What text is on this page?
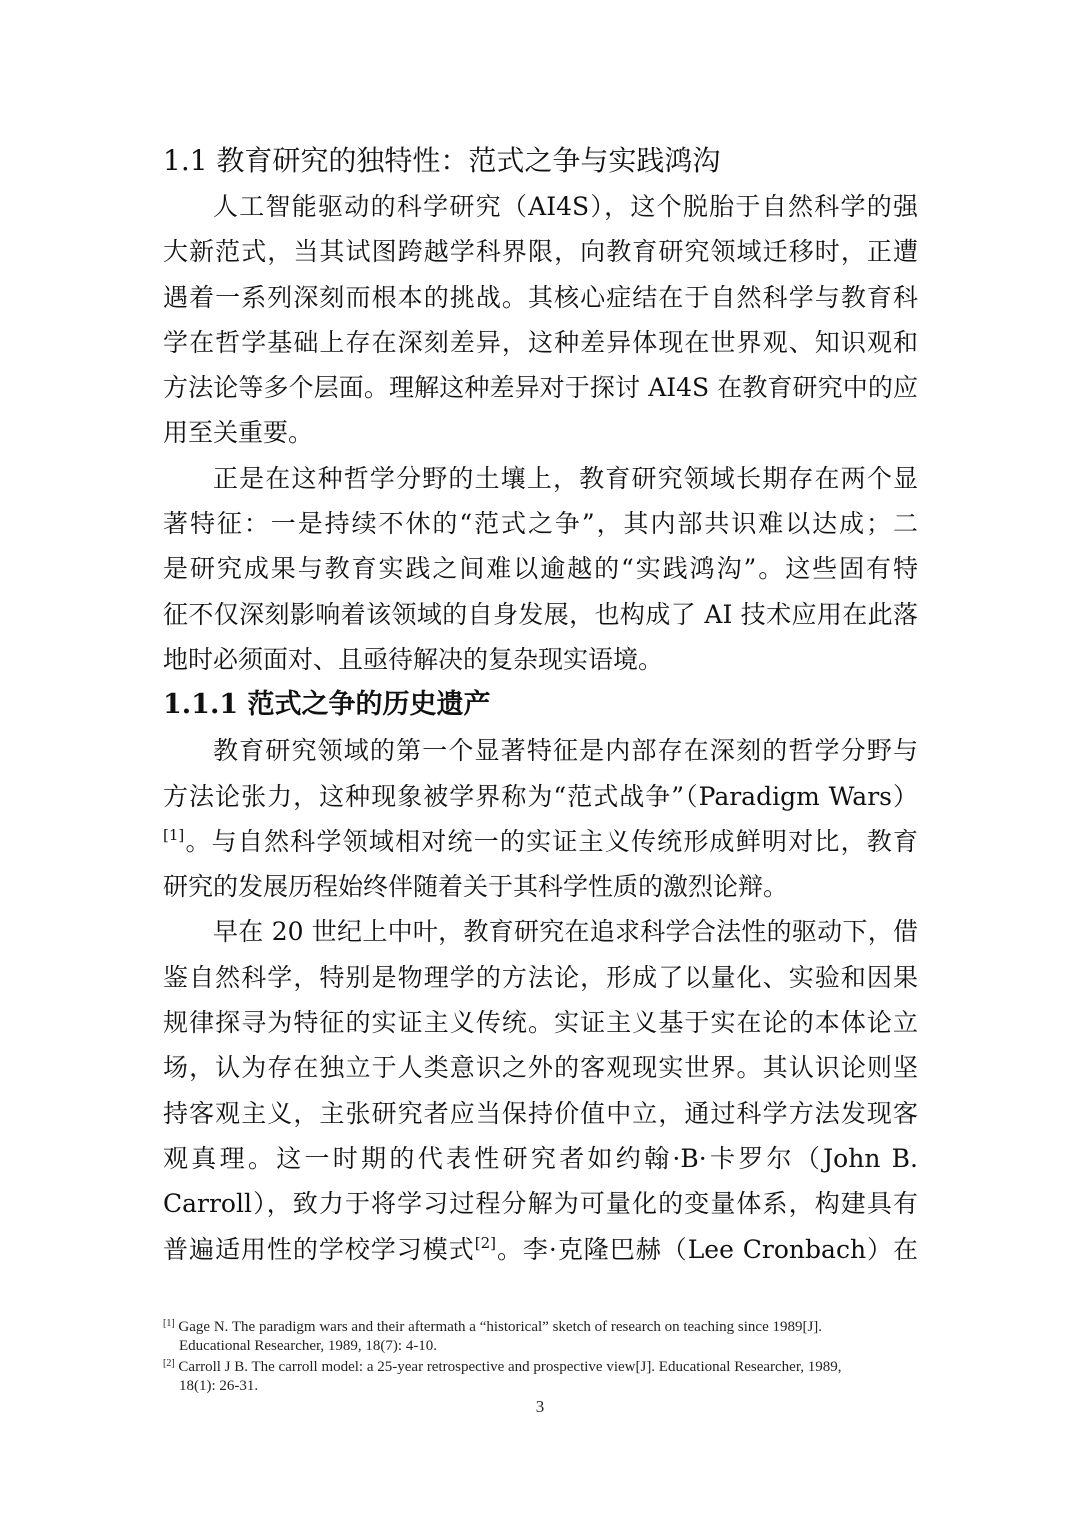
1.1 教育研究的独特性：范式之争与实践鸿沟
人工智能驱动的科学研究（AI4S），这个脱胎于自然科学的强
大新范式，当其试图跨越学科界限，向教育研究领域迁移时，正遭
遇着一系列深刻而根本的挑战。其核心症结在于自然科学与教育科
学在哲学基础上存在深刻差异，这种差异体现在世界观、知识观和
方法论等多个层面。理解这种差异对于探讨 AI4S 在教育研究中的应
用至关重要。
正是在这种哲学分野的土壤上，教育研究领域长期存在两个显
著特征：一是持续不休的“范式之争”，其内部共识难以达成；二
是研究成果与教育实践之间难以逾越的“实践鸿沟”。这些固有特
征不仅深刻影响着该领域的自身发展，也构成了 AI 技术应用在此落
地时必须面对、且亟待解决的复杂现实语境。
1.1.1 范式之争的历史遗产
教育研究领域的第一个显著特征是内部存在深刻的哲学分野与
方法论张力，这种现象被学界称为“范式战争”（Paradigm Wars）
[1]。与自然科学领域相对统一的实证主义传统形成鲜明对比，教育
研究的发展历程始终伴随着关于其科学性质的激烈论辩。
早在 20 世纪上中叶，教育研究在追求科学合法性的驱动下，借
鉴自然科学，特别是物理学的方法论，形成了以量化、实验和因果
规律探寻为特征的实证主义传统。实证主义基于实在论的本体论立
场，认为存在独立于人类意识之外的客观现实世界。其认识论则坚
持客观主义，主张研究者应当保持价值中立，通过科学方法发现客
观真理。这一时期的代表性研究者如约翰·B·卡罗尔（John B.
Carroll），致力于将学习过程分解为可量化的变量体系，构建具有
普遍适用性的学校学习模式[2]。李·克隆巴赫（Lee Cronbach）在
[1] Gage N. The paradigm wars and their aftermath a “historical” sketch of research on teaching since 1989[J].
Educational Researcher, 1989, 18(7): 4-10.
[2] Carroll J B. The carroll model: a 25-year retrospective and prospective view[J]. Educational Researcher, 1989,
18(1): 26-31.
3
